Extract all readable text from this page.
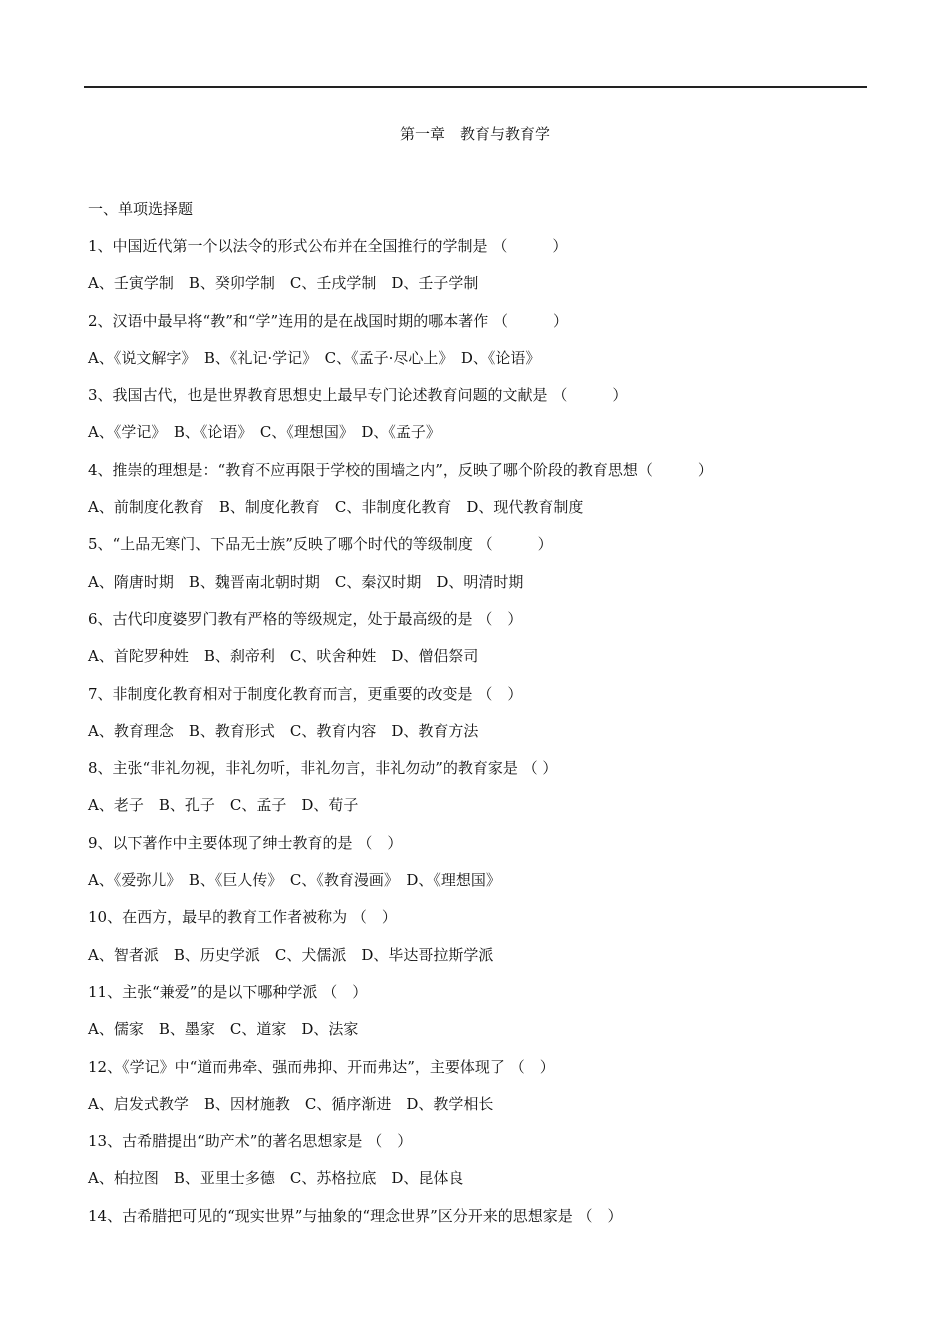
第一章　教育与教育学
一、单项选择题
1、中国近代第一个以法令的形式公布并在全国推行的学制是 （　　　）
A、壬寅学制　B、癸卯学制　C、壬戌学制　D、壬子学制
2、汉语中最早将“教”和“学”连用的是在战国时期的哪本著作 （　　　）
A、《说文解字》　B、《礼记·学记》　C、《孟子·尽心上》　D、《论语》
3、我国古代，也是世界教育思想史上最早专门论述教育问题的文献是 （　　　）
A、《学记》　B、《论语》　C、《理想国》　D、《孟子》
4、推崇的理想是：“教育不应再限于学校的围墙之内”，反映了哪个阶段的教育思想（　　　）
A、前制度化教育　B、制度化教育　C、非制度化教育　D、现代教育制度
5、“上品无寒门、下品无士族”反映了哪个时代的等级制度 （　　　）
A、隋唐时期　B、魏晋南北朝时期　C、秦汉时期　D、明清时期
6、古代印度婆罗门教有严格的等级规定，处于最高级的是 （　）
A、首陀罗种姓　B、刹帝利　C、吠舍种姓　D、僧侣祭司
7、非制度化教育相对于制度化教育而言，更重要的改变是 （　）
A、教育理念　B、教育形式　C、教育内容　D、教育方法
8、主张“非礼勿视，非礼勿听，非礼勿言，非礼勿动”的教育家是 （ ）
A、老子　B、孔子　C、孟子　D、荀子
9、以下著作中主要体现了绅士教育的是 （　）
A、《爱弥儿》　B、《巨人传》　C、《教育漫画》　D、《理想国》
10、在西方，最早的教育工作者被称为 （　）
A、智者派　B、历史学派　C、犬儒派　D、毕达哥拉斯学派
11、主张“兼爱”的是以下哪种学派 （　）
A、儒家　B、墨家　C、道家　D、法家
12、《学记》中“道而弗牵、强而弗抑、开而弗达”，主要体现了 （　）
A、启发式教学　B、因材施教　C、循序渐进　D、教学相长
13、古希腊提出“助产术”的著名思想家是 （　）
A、柏拉图　B、亚里士多德　C、苏格拉底　D、昆体良
14、古希腊把可见的“现实世界”与抽象的“理念世界”区分开来的思想家是 （　）
